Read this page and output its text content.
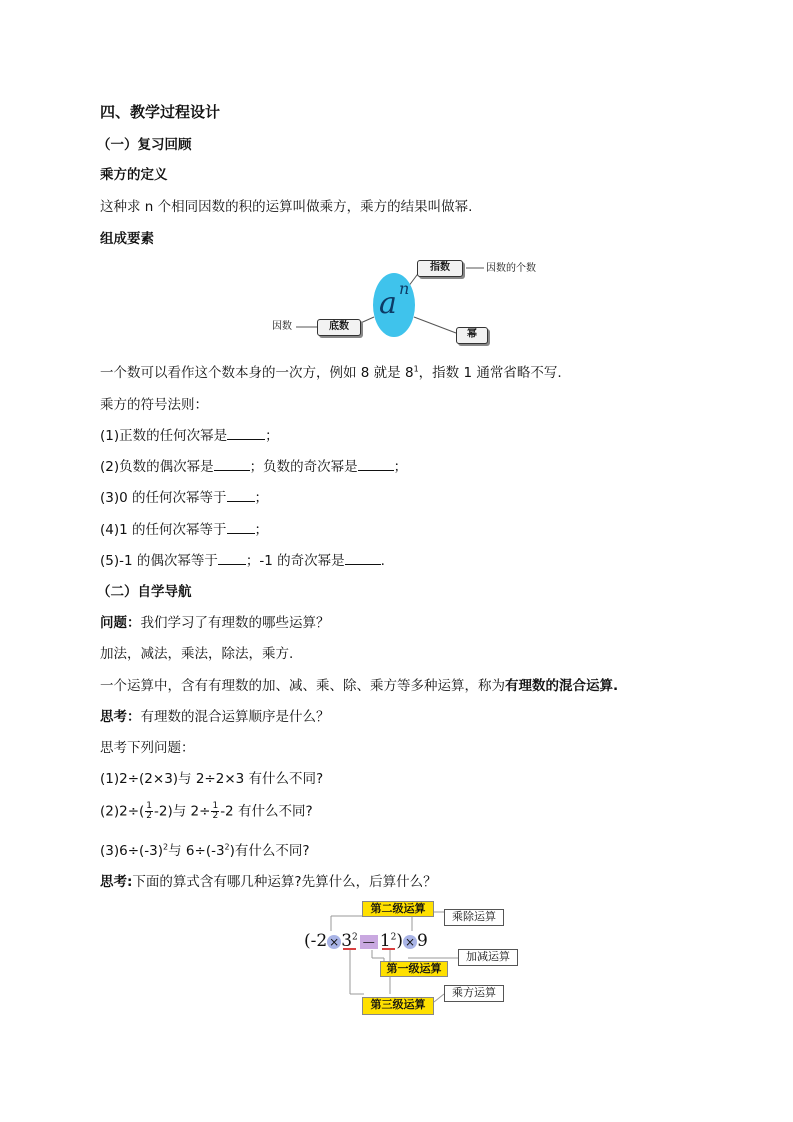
四、教学过程设计
（一）复习回顾
乘方的定义
这种求 n 个相同因数的积的运算叫做乘方，乘方的结果叫做幂.
组成要素
a n
指数	因数的个数
底数
因数
幂
一个数可以看作这个数本身的一次方，例如 8 就是 $8^1$，指数 1 通常省略不写.
乘方的符号法则：
(1)正数的任何次幂是	；
(2)负数的偶次幂是	；负数的奇次幂是	；
(3)0 的任何次幂等于 ；
(4)1 的任何次幂等于 ；
(5)-1 的偶次幂等于 ；-1 的奇次幂是	.
（二）自学导航
问题：我们学习了有理数的哪些运算？
加法，减法，乘法，除法，乘方.
一个运算中，含有有理数的加、减、乘、除、乘方等多种运算，称为有理数的混合运算.
思考：有理数的混合运算顺序是什么？
思考下列问题：
(1)2÷(2×3)与 2÷2×3 有什么不同?
$(2)2\div( \frac{1}{2} -2)$与 $2\div \frac{1}{2} -2$ 有什么不同?
$(3)6\div(-3)^2$与 $6\div(-3^2)$有什么不同?
思考:下面的算式含有哪几种运算?先算什么，后算什么？
第二级运算
乘除运算
($-2 \times 3^2$ — $1^2) \times 9$
加减运算
第一级运算
乘方运算
第三级运算
